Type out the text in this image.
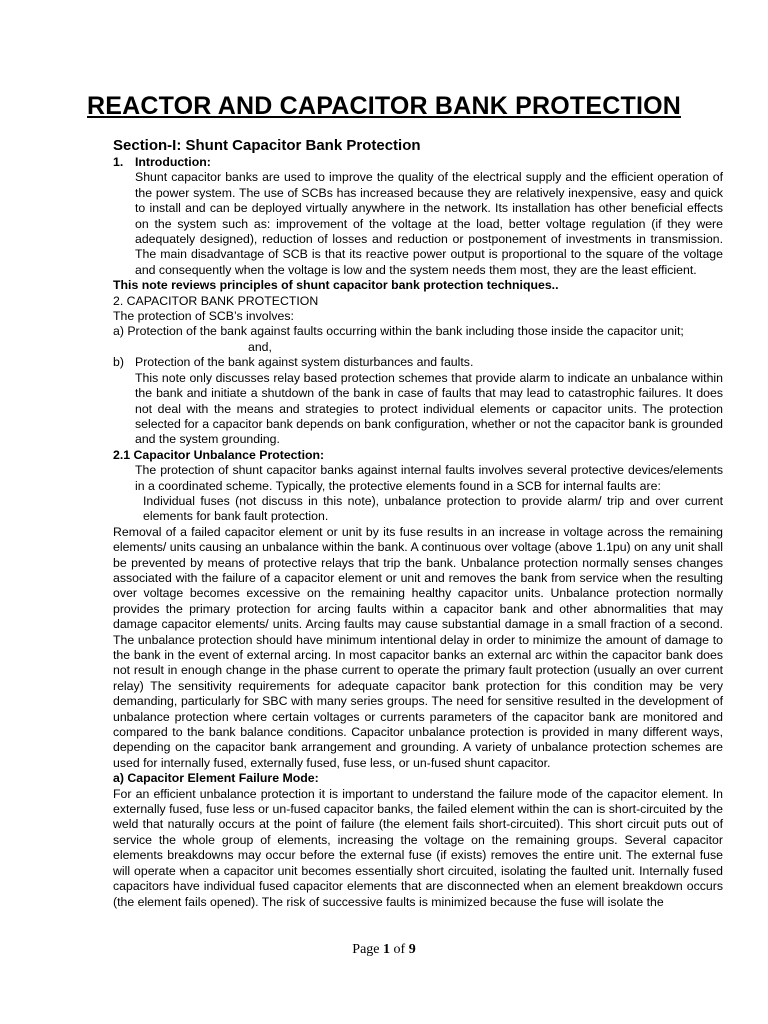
REACTOR AND CAPACITOR BANK PROTECTION
Section-I: Shunt Capacitor Bank Protection

1. Introduction:

Shunt capacitor banks are used to improve the quality of the electrical supply and the efficient operation of the power system. The use of SCBs has increased because they are relatively inexpensive, easy and quick to install and can be deployed virtually anywhere in the network. Its installation has other beneficial effects on the system such as: improvement of the voltage at the load, better voltage regulation (if they were adequately designed), reduction of losses and reduction or postponement of investments in transmission. The main disadvantage of SCB is that its reactive power output is proportional to the square of the voltage and consequently when the voltage is low and the system needs them most, they are the least efficient.

This note reviews principles of shunt capacitor bank protection techniques..

2. CAPACITOR BANK PROTECTION

The protection of SCB’s involves:

a) Protection of the bank against faults occurring within the bank including those inside the capacitor unit;

and,

b) Protection of the bank against system disturbances and faults.

This note only discusses relay based protection schemes that provide alarm to indicate an unbalance within the bank and initiate a shutdown of the bank in case of faults that may lead to catastrophic failures. It does not deal with the means and strategies to protect individual elements or capacitor units. The protection selected for a capacitor bank depends on bank configuration, whether or not the capacitor bank is grounded and the system grounding.

2.1 Capacitor Unbalance Protection:

The protection of shunt capacitor banks against internal faults involves several protective devices/elements in a coordinated scheme. Typically, the protective elements found in a SCB for internal faults are:

Individual fuses (not discuss in this note), unbalance protection to provide alarm/ trip and over current elements for bank fault protection.

Removal of a failed capacitor element or unit by its fuse results in an increase in voltage across the remaining elements/ units causing an unbalance within the bank. A continuous over voltage (above 1.1pu) on any unit shall be prevented by means of protective relays that trip the bank. Unbalance protection normally senses changes associated with the failure of a capacitor element or unit and removes the bank from service when the resulting over voltage becomes excessive on the remaining healthy capacitor units. Unbalance protection normally provides the primary protection for arcing faults within a capacitor bank and other abnormalities that may damage capacitor elements/ units. Arcing faults may cause substantial damage in a small fraction of a second. The unbalance protection should have minimum intentional delay in order to minimize the amount of damage to the bank in the event of external arcing. In most capacitor banks an external arc within the capacitor bank does not result in enough change in the phase current to operate the primary fault protection (usually an over current relay) The sensitivity requirements for adequate capacitor bank protection for this condition may be very demanding, particularly for SBC with many series groups. The need for sensitive resulted in the development of unbalance protection where certain voltages or currents parameters of the capacitor bank are monitored and compared to the bank balance conditions. Capacitor unbalance protection is provided in many different ways, depending on the capacitor bank arrangement and grounding. A variety of unbalance protection schemes are used for internally fused, externally fused, fuse less, or un-fused shunt capacitor.

a) Capacitor Element Failure Mode:

For an efficient unbalance protection it is important to understand the failure mode of the capacitor element. In externally fused, fuse less or un-fused capacitor banks, the failed element within the can is short-circuited by the weld that naturally occurs at the point of failure (the element fails short-circuited). This short circuit puts out of service the whole group of elements, increasing the voltage on the remaining groups. Several capacitor elements breakdowns may occur before the external fuse (if exists) removes the entire unit. The external fuse will operate when a capacitor unit becomes essentially short circuited, isolating the faulted unit. Internally fused capacitors have individual fused capacitor elements that are disconnected when an element breakdown occurs (the element fails opened). The risk of successive faults is minimized because the fuse will isolate the

Page 1 of 9
